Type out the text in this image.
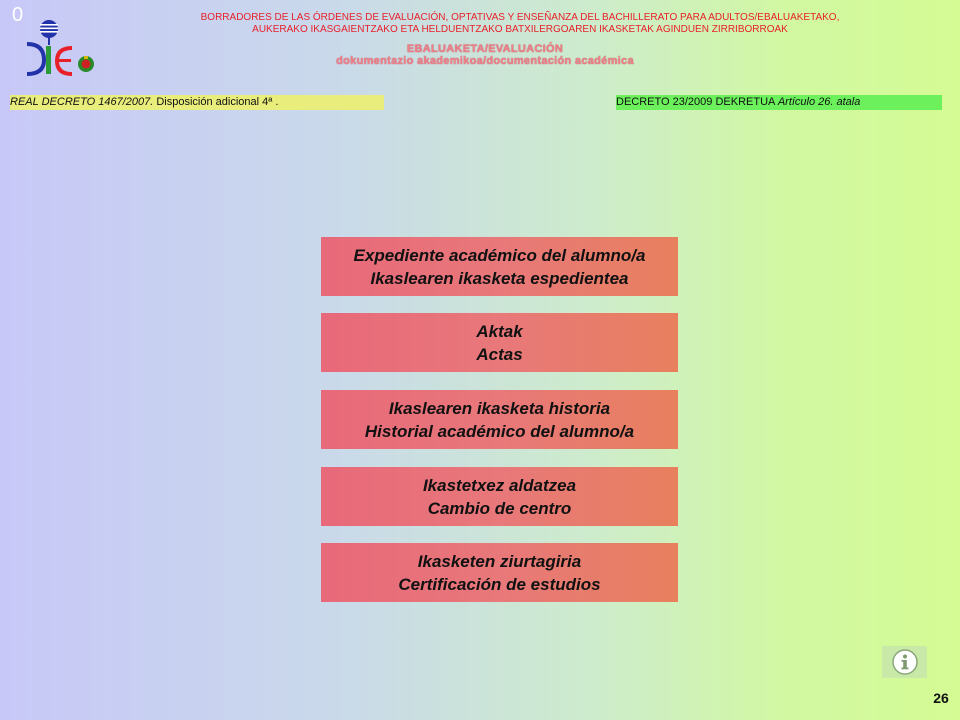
0	BORRADORES DE LAS ÓRDENES DE EVALUACIÓN, OPTATIVAS Y ENSEÑANZA DEL BACHILLERATO PARA ADULTOS/EBALUAKETAKO,
AUKERAKO IKASGAIENTZAKO ETA HELDUENTZAKO BATXILERGOAREN IKASKETAK AGINDUEN ZIRRIBORROAK
EBALUAKETA/EVALUACIÓN
dokumentazio akademikoa/documentación académica
REAL DECRETO 1467/2007. Disposición adicional 4ª .	DECRETO 23/2009 DEKRETUA Artículo 26. atala
Expediente académico del alumno/a
Ikaslearen ikasketa espedientea
Aktak
Actas
Ikaslearen ikasketa historia
Historial académico del alumno/a
Ikastetxez aldatzea
Cambio de centro
Ikasketen ziurtagiria
Certificación de estudios
26
